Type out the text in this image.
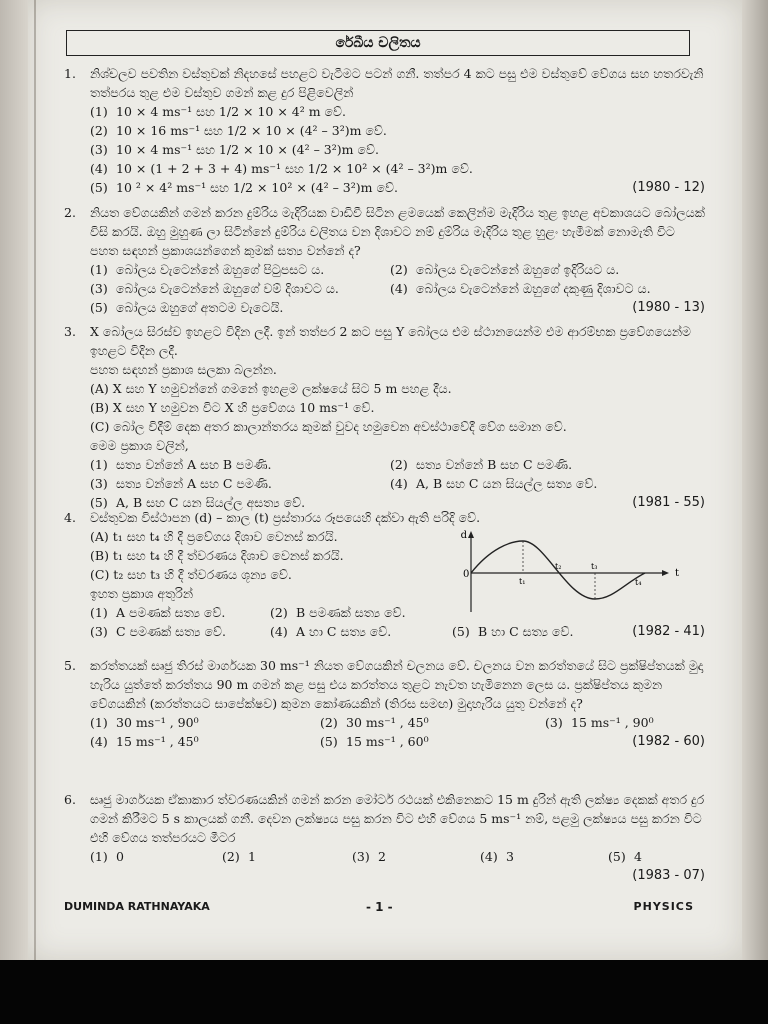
රේඛීය චලිතය
1. නිශ්චලව පවතින වස්තුවක් නිදහසේ පහළට වැටීමට පටන් ගනී. තත්පර 4 කට පසු එම වස්තුවේ වේගය සහ හතරවැනි තත්පරය තුළ එම වස්තුව ගමන් කළ දුර පිළිවෙලින්

(1) 10 × 4 ms⁻¹ සහ 1/2 × 10 × 4² m වේ.
(2) 10 × 16 ms⁻¹ සහ 1/2 × 10 × (4² – 3²)m වේ.
(3) 10 × 4 ms⁻¹ සහ 1/2 × 10 × (4² – 3²)m වේ.
(4) 10 × (1 + 2 + 3 + 4) ms⁻¹ සහ 1/2 × 10² × (4² – 3²)m වේ.
(5) 10 ² × 4² ms⁻¹ සහ 1/2 × 10² × (4² – 3²)m වේ.	(1980 - 12)
2. නියත වේගයකින් ගමන් කරන දුම්රිය මැදිරියක වාඩිවී සිටින ළමයෙක් කෙලින්ම මැදිරිය තුළ ඉහළ අවකාශයට බෝලයක් විසි කරයි. ඔහු මුහුණ ලා සිටින්නේ දුම්රිය චලිතය වන දිශාවට නම් දුම්රිය මැදිරිය තුළ හුළං හැමීමක් නොමැති විට පහත සඳහන් ප්‍රකාශයන්ගෙන් කුමක් සත්‍ය වන්නේ ද?

(1) බෝලය වැටෙන්නේ ඔහුගේ පිටුපසට ය.	(2) බෝලය වැටෙන්නේ ඔහුගේ ඉදිරියට ය.
(3) බෝලය වැටෙන්නේ ඔහුගේ වම් දිශාවට ය.	(4) බෝලය වැටෙන්නේ ඔහුගේ දකුණු දිශාවට ය.
(5) බෝලය ඔහුගේ අතටම වැටෙයි.	(1980 - 13)
3. X බෝලය සිරස්ව ඉහළට විදින ලදී. ඉන් තත්පර 2 කට පසු Y බෝලය එම ස්ථානයෙන්ම එම ආරම්භක ප්‍රවේගයෙන්ම ඉහළට විදින ලදී.

පහත සඳහන් ප්‍රකාශ සලකා බලන්න.
(A) X සහ Y හමුවන්නේ ගමනේ ඉහළම ලක්ෂයේ සිට 5 m පහළ දීය.
(B) X සහ Y හමුවන විට X හි ප්‍රවේගය 10 ms⁻¹ වේ.
(C) බෝල විදීම් දෙක අතර කාලාන්තරය කුමක් වුවද හමුවෙන අවස්ථාවේදී වේග සමාන වේ.
මෙම ප්‍රකාශ වලින්,
(1) සත්‍ය වන්නේ A සහ B පමණි.	(2) සත්‍ය වන්නේ B සහ C පමණි.
(3) සත්‍ය වන්නේ A සහ C පමණි.	(4) A, B සහ C යන සියල්ල සත්‍ය වේ.
(5) A, B සහ C යන සියල්ල අසත්‍ය වේ.	(1981 - 55)
4. වස්තුවක විස්ථාපන (d) – කාල (t) ප්‍රස්තාරය රූපයෙහි දක්වා ඇති පරිදි වේ.

(A) t₁ සහ t₄ හි දී ප්‍රවේගය දිශාව වෙනස් කරයි.
(B) t₁ සහ t₄ හි දී ත්වරණය දිශාව වෙනස් කරයි.
(C) t₂ සහ t₃ හි දී ත්වරණය ශූන්‍ය වේ.
ඉහත ප්‍රකාශ අතුරින්
(1) A පමණක් සත්‍ය වේ.	(2) B පමණක් සත්‍ය වේ.
(3) C පමණක් සත්‍ය වේ.	(4) A හා C සත්‍ය වේ.	(5) B හා C සත්‍ය වේ.	(1982 - 41)
d
t
0
t₁
t₂	t₃
t₄
5. කරත්තයක් සෘජු තිරස් මාර්ගයක 30 ms⁻¹ නියත වේගයකින් චලනය වේ. චලනය වන කරත්තයේ සිට ප්‍රක්ෂිප්තයක් මුදා හැරිය යුත්තේ කරත්තය 90 m ගමන් කළ පසු එය කරත්තය තුළට නැවත හැමිනෙන ලෙස ය. ප්‍රක්ෂිප්තය කුමන වේගයකින් (කරත්තයට සාපේක්ෂව) කුමන කෝණයකින් (තිරස සමඟ) මුදාහැරිය යුතු වන්නේ ද?

(1) 30 ms⁻¹ , 90⁰	(2) 30 ms⁻¹ , 45⁰	(3) 15 ms⁻¹ , 90⁰
(4) 15 ms⁻¹ , 45⁰	(5) 15 ms⁻¹ , 60⁰	(1982 - 60)
6. සෘජු මාර්ගයක ඒකාකාර ත්වරණයකින් ගමන් කරන මෝටර් රථයක් එකිනෙකට 15 m දුරින් ඇති ලක්ෂ්‍ය දෙකක් අතර දුර ගමන් කිරීමට 5 s කාලයක් ගනී. දෙවන ලක්ෂ්‍යය පසු කරන විට එහි වේගය 5 ms⁻¹ නම්, පළමු ලක්ෂ්‍යය පසු කරන විට එහි වේගය තත්පරයට මීටර

(1) 0	(2) 1	(3) 2	(4) 3	(5) 4
(1983 - 07)
DUMINDA RATHNAYAKA	- 1 -	PHYSICS
